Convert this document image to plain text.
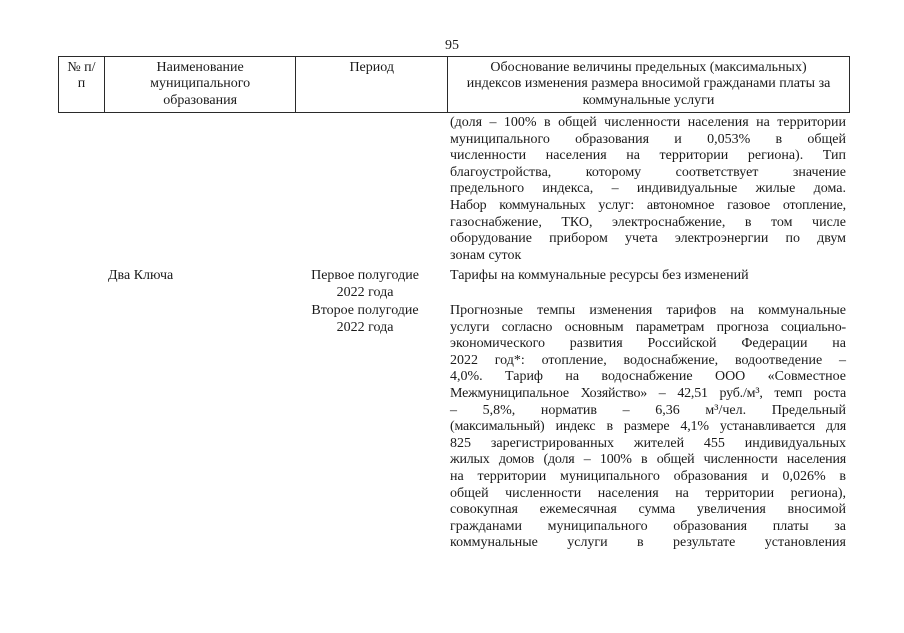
95
№ п/п
Наименование муниципального образования
Период	Обоснование величины предельных (максимальных) индексов изменения размера вносимой гражданами платы за коммунальные услуги
(доля – 100% в общей численности населения на территории
муниципального образования и 0,053% в общей
численности населения на территории региона). Тип
благоустройства, которому соответствует значение
предельного индекса, – индивидуальные жилые дома.
Набор коммунальных услуг: автономное газовое отопление,
газоснабжение, ТКО, электроснабжение, в том числе
оборудование прибором учета электроэнергии по двум
зонам суток
Два Ключа	Первое полугодие
2022 года
Второе полугодие
2022 года
Тарифы на коммунальные ресурсы без изменений
Прогнозные темпы изменения тарифов на коммунальные
услуги согласно основным параметрам прогноза социально-
экономического развития Российской Федерации на
2022 год*: отопление, водоснабжение, водоотведение –
4,0%. Тариф на водоснабжение ООО «Совместное
Межмуниципальное Хозяйство» – 42,51 руб./м³, темп роста
– 5,8%, норматив – 6,36 м³/чел. Предельный
(максимальный) индекс в размере 4,1% устанавливается для
825 зарегистрированных жителей 455 индивидуальных
жилых домов (доля – 100% в общей численности населения
на территории муниципального образования и 0,026% в
общей численности населения на территории региона),
совокупная ежемесячная сумма увеличения вносимой
гражданами муниципального образования платы за
коммунальные услуги в результате установления
